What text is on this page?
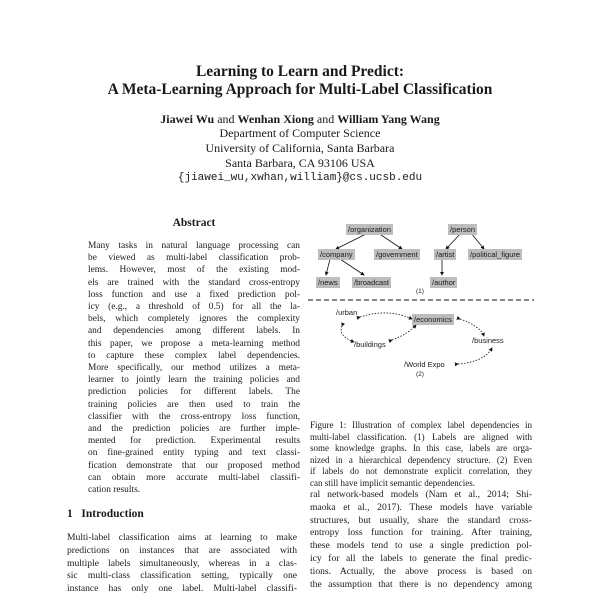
Learning to Learn and Predict:
A Meta-Learning Approach for Multi-Label Classification
Jiawei Wu and Wenhan Xiong and William Yang Wang
Department of Computer Science
University of California, Santa Barbara
Santa Barbara, CA 93106 USA
{jiawei_wu,xwhan,william}@cs.ucsb.edu
Abstract
Many tasks in natural language processing can
be viewed as multi-label classification prob-
lems. However, most of the existing mod-
els are trained with the standard cross-entropy
loss function and use a fixed prediction pol-
icy (e.g., a threshold of 0.5) for all the la-
bels, which completely ignores the complexity
and dependencies among different labels. In
this paper, we propose a meta-learning method
to capture these complex label dependencies.
More specifically, our method utilizes a meta-
learner to jointly learn the training policies and
prediction policies for different labels. The
training policies are then used to train the
classifier with the cross-entropy loss function,
and the prediction policies are further imple-
mented for prediction. Experimental results
on fine-grained entity typing and text classi-
fication demonstrate that our proposed method
can obtain more accurate multi-label classifi-
cation results.
1 Introduction
Multi-label classification aims at learning to make
predictions on instances that are associated with
multiple labels simultaneously, whereas in a clas-
sic multi-class classification setting, typically one
instance has only one label. Multi-label classifi-
ral network-based models (Nam et al., 2014; Shi-
maoka et al., 2017). These models have variable
structures, but usually, share the standard cross-
entropy loss function for training. After training,
these models tend to use a single prediction pol-
icy for all the labels to generate the final predic-
tions. Actually, the above process is based on
the assumption that there is no dependency among
/organization	/person
/company	/government /artist /political_figure
/news /broadcast	/author
(1)
/urban
/economics
/buildings	/business
/World Expo
(2)
Figure 1: Illustration of complex label dependencies in
multi-label classification. (1) Labels are aligned with
some knowledge graphs. In this case, labels are orga-
nized in a hierarchical dependency structure. (2) Even
if labels do not demonstrate explicit correlation, they
can still have implicit semantic dependencies.
